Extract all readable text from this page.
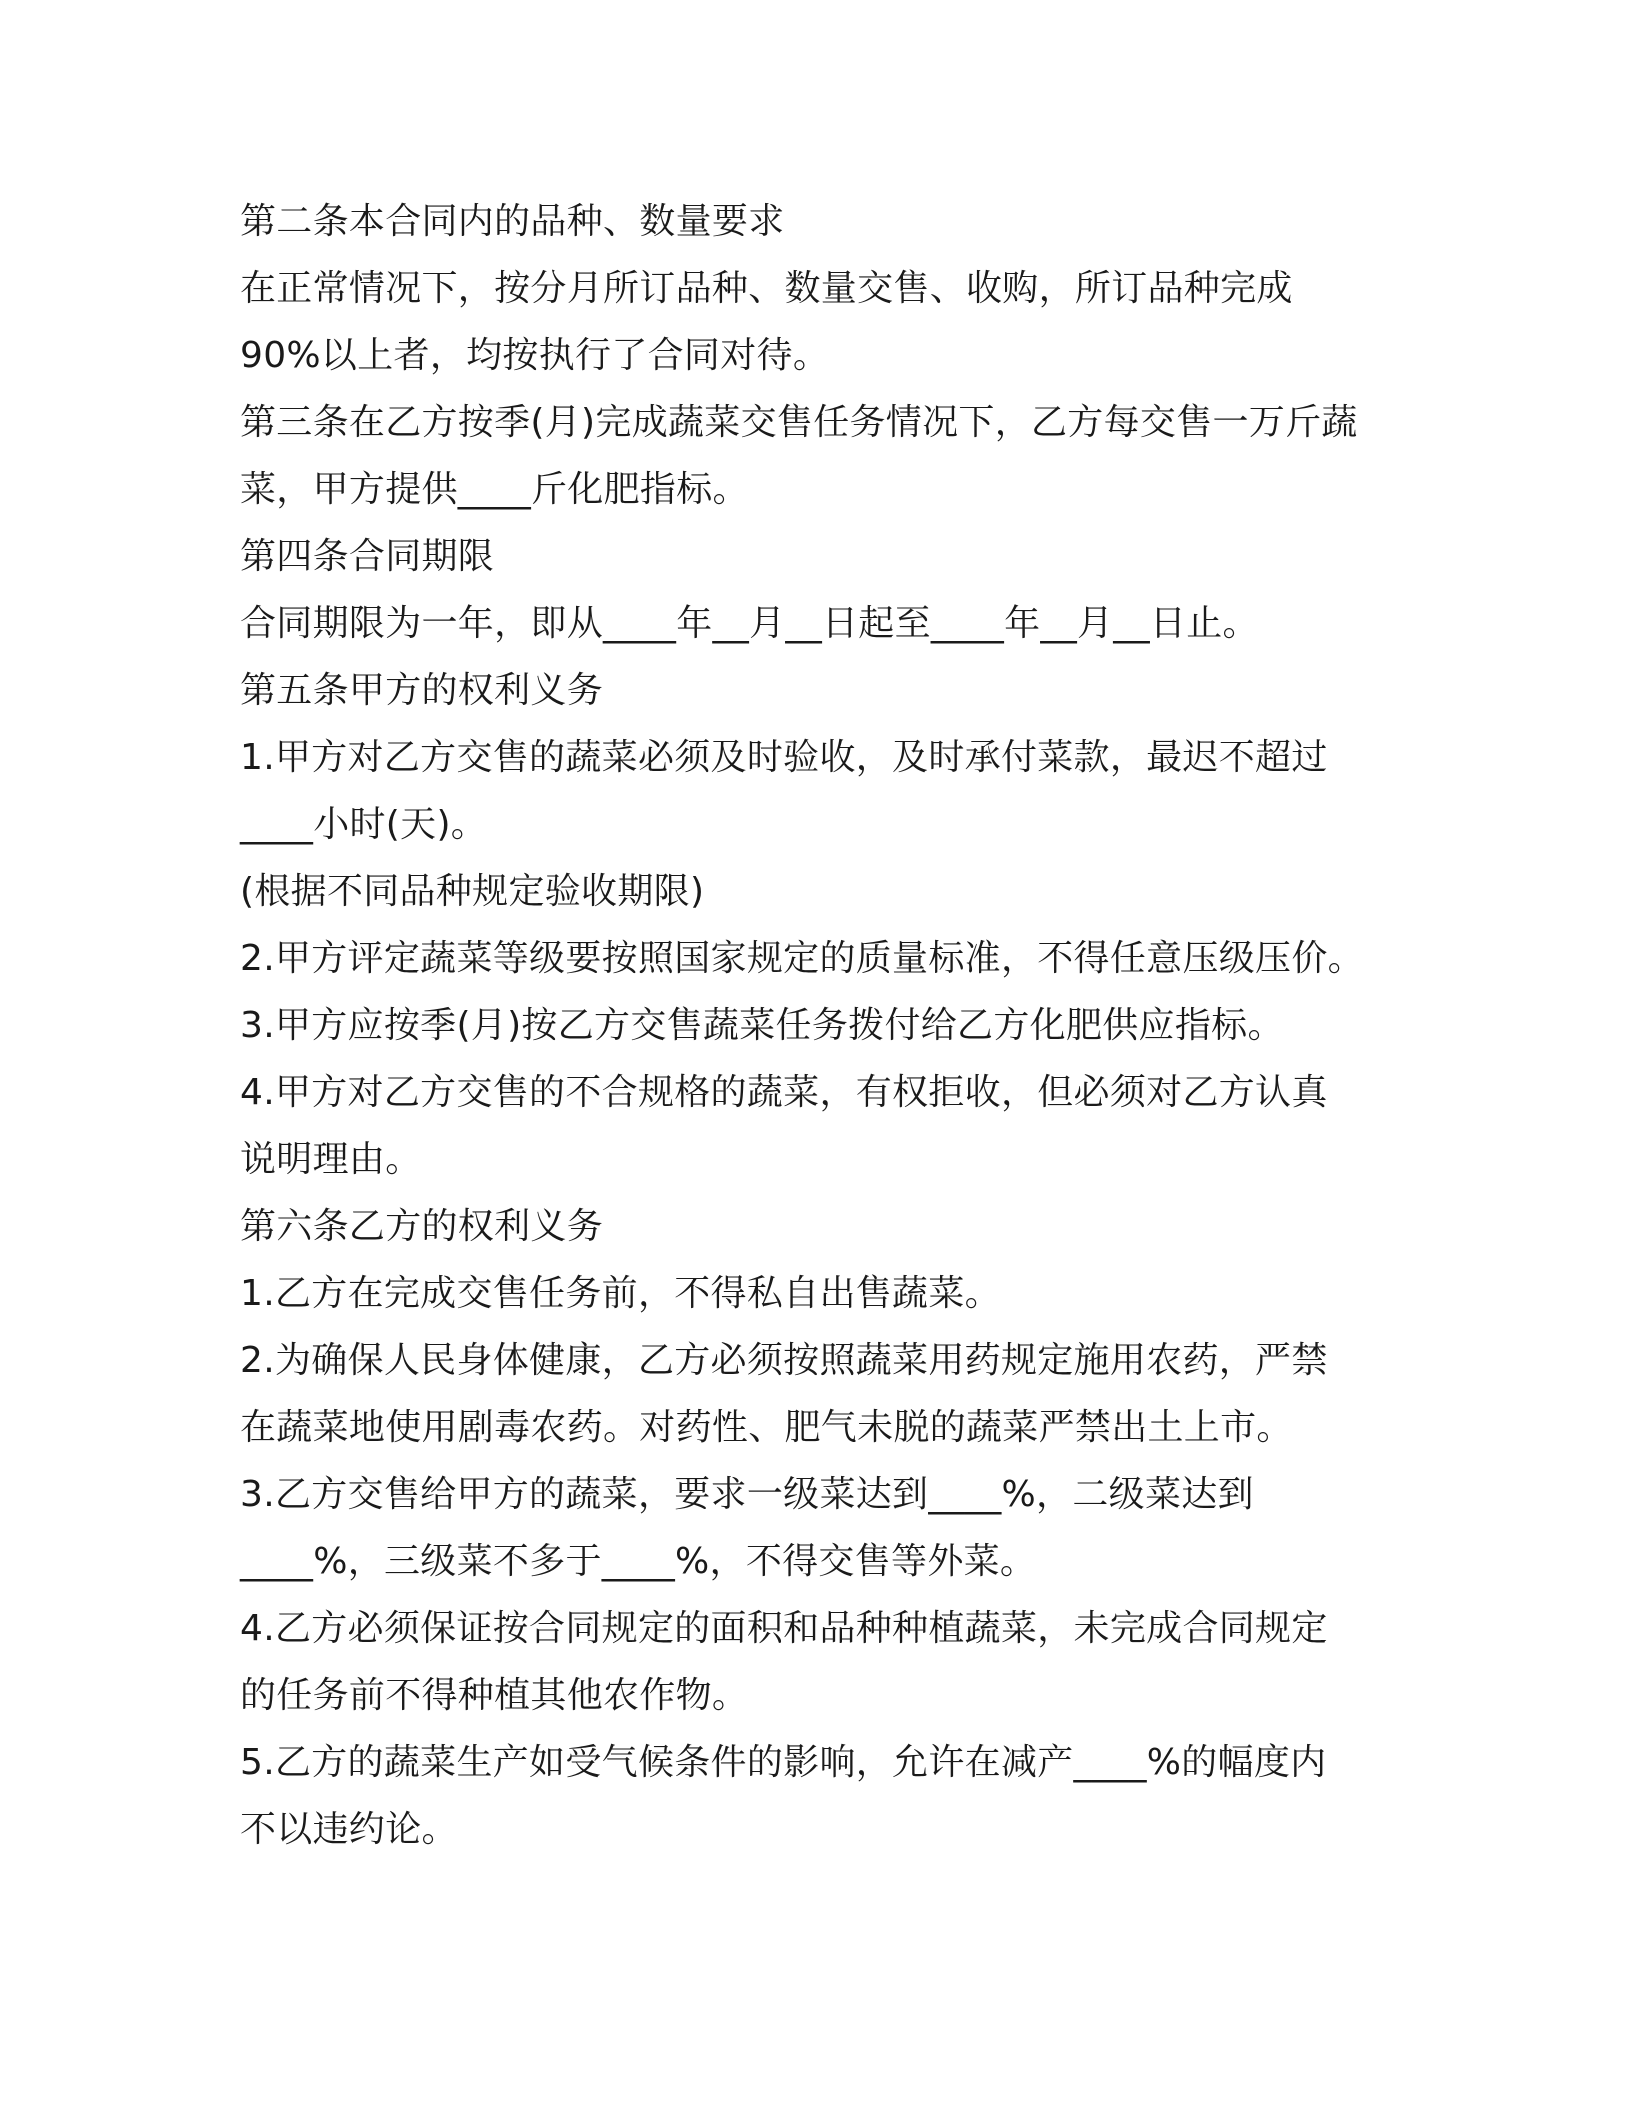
第二条本合同内的品种、数量要求
在正常情况下，按分月所订品种、数量交售、收购，所订品种完成
90%以上者，均按执行了合同对待。
第三条在乙方按季(月)完成蔬菜交售任务情况下，乙方每交售一万斤蔬
菜，甲方提供____斤化肥指标。
第四条合同期限
合同期限为一年，即从____年__月__日起至____年__月__日止。
第五条甲方的权利义务
1.甲方对乙方交售的蔬菜必须及时验收，及时承付菜款，最迟不超过
____小时(天)。
(根据不同品种规定验收期限)
2.甲方评定蔬菜等级要按照国家规定的质量标准，不得任意压级压价。
3.甲方应按季(月)按乙方交售蔬菜任务拨付给乙方化肥供应指标。
4.甲方对乙方交售的不合规格的蔬菜，有权拒收，但必须对乙方认真
说明理由。
第六条乙方的权利义务
1.乙方在完成交售任务前，不得私自出售蔬菜。
2.为确保人民身体健康，乙方必须按照蔬菜用药规定施用农药，严禁
在蔬菜地使用剧毒农药。对药性、肥气未脱的蔬菜严禁出土上市。
3.乙方交售给甲方的蔬菜，要求一级菜达到____%，二级菜达到
____%，三级菜不多于____%，不得交售等外菜。
4.乙方必须保证按合同规定的面积和品种种植蔬菜，未完成合同规定
的任务前不得种植其他农作物。
5.乙方的蔬菜生产如受气候条件的影响，允许在减产____%的幅度内
不以违约论。
